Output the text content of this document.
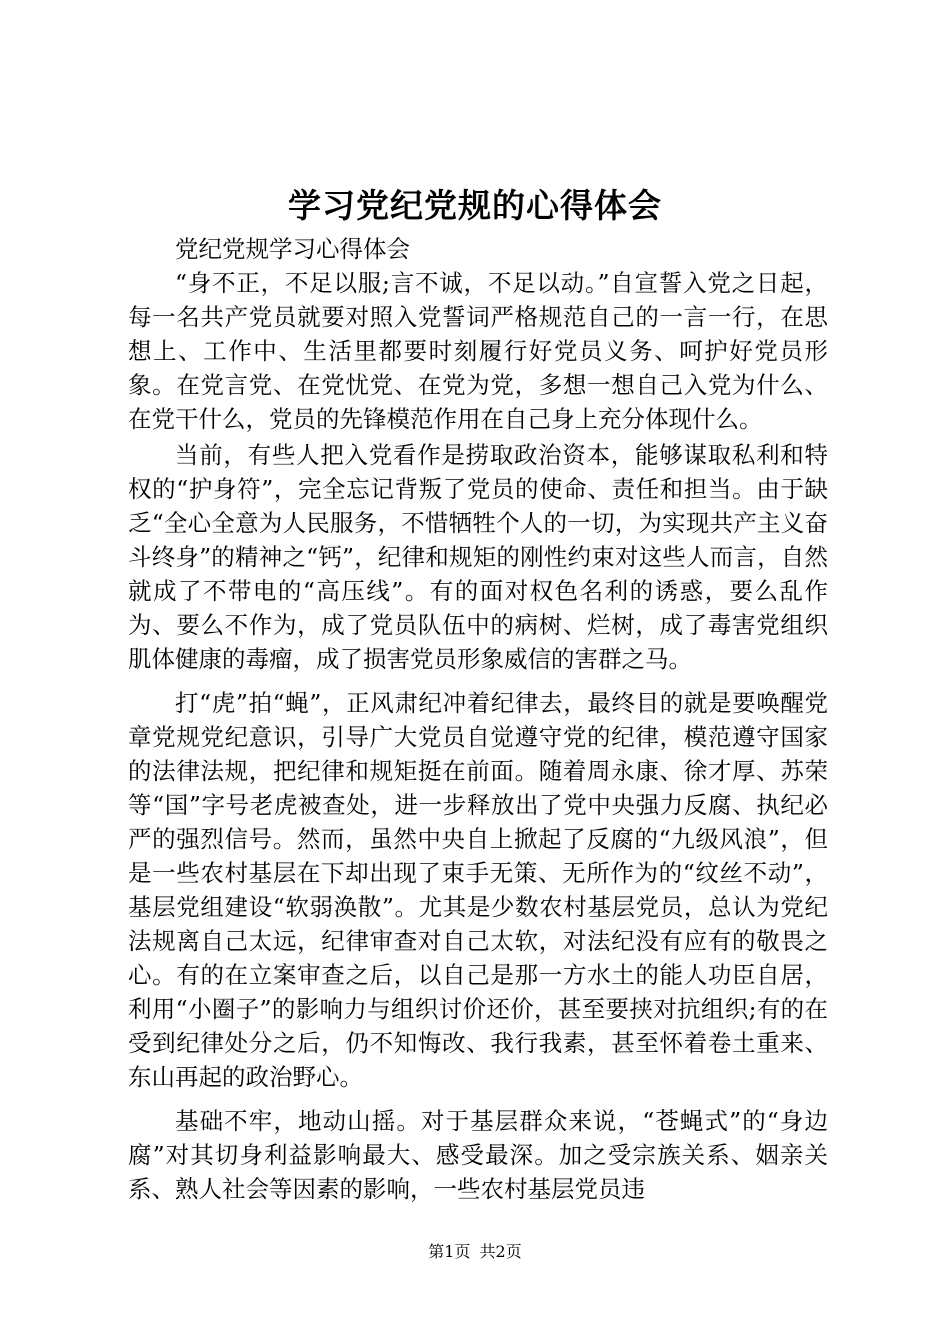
学习党纪党规的心得体会

党纪党规学习心得体会

“身不正，不足以服;言不诚，不足以动。”自宣誓入党之日起，每一名共产党员就要对照入党誓词严格规范自己的一言一行，在思想上、工作中、生活里都要时刻履行好党员义务、呵护好党员形象。在党言党、在党忧党、在党为党，多想一想自己入党为什么、在党干什么，党员的先锋模范作用在自己身上充分体现什么。

当前，有些人把入党看作是捞取政治资本，能够谋取私利和特权的“护身符”，完全忘记背叛了党员的使命、责任和担当。由于缺乏“全心全意为人民服务，不惜牺牲个人的一切，为实现共产主义奋斗终身”的精神之“钙”，纪律和规矩的刚性约束对这些人而言，自然就成了不带电的“高压线”。有的面对权色名利的诱惑，要么乱作为、要么不作为，成了党员队伍中的病树、烂树，成了毒害党组织肌体健康的毒瘤，成了损害党员形象威信的害群之马。

打“虎”拍“蝇”，正风肃纪冲着纪律去，最终目的就是要唤醒党章党规党纪意识，引导广大党员自觉遵守党的纪律，模范遵守国家的法律法规，把纪律和规矩挺在前面。随着周永康、徐才厚、苏荣等“国”字号老虎被查处，进一步释放出了党中央强力反腐、执纪必严的强烈信号。然而，虽然中央自上掀起了反腐的“九级风浪”，但是一些农村基层在下却出现了束手无策、无所作为的“纹丝不动”，基层党组建设“软弱涣散”。尤其是少数农村基层党员，总认为党纪法规离自己太远，纪律审查对自己太软，对法纪没有应有的敬畏之心。有的在立案审查之后，以自己是那一方水土的能人功臣自居，利用“小圈子”的影响力与组织讨价还价，甚至要挟对抗组织;有的在受到纪律处分之后，仍不知悔改、我行我素，甚至怀着卷土重来、东山再起的政治野心。

基础不牢，地动山摇。对于基层群众来说，“苍蝇式”的“身边腐”对其切身利益影响最大、感受最深。加之受宗族关系、姻亲关系、熟人社会等因素的影响，一些农村基层党员违

第1页 共2页
